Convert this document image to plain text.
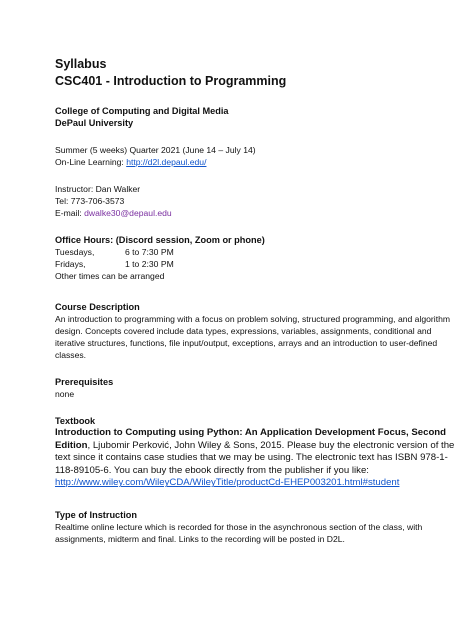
Syllabus

CSC401 - Introduction to Programming

College of Computing and Digital Media

DePaul University

Summer (5 weeks) Quarter 2021 (June 14 – July 14)

On-Line Learning: http://d2l.depaul.edu/

Instructor: Dan Walker

Tel: 773-706-3573

E-mail: dwalke30@depaul.edu

Office Hours: (Discord session, Zoom or phone)

Tuesdays,	6 to 7:30 PM
Fridays,	1 to 2:30 PM

Other times can be arranged

Course Description

An introduction to programming with a focus on problem solving, structured programming, and algorithm design. Concepts covered include data types, expressions, variables, assignments, conditional and iterative structures, functions, file input/output, exceptions, arrays and an introduction to user-defined classes.

Prerequisites

none

Textbook

Introduction to Computing using Python: An Application Development Focus, Second Edition, Ljubomir Perković, John Wiley & Sons, 2015. Please buy the electronic version of the text since it contains case studies that we may be using. The electronic text has ISBN 978-1-118-89105-6. You can buy the ebook directly from the publisher if you like:

http://www.wiley.com/WileyCDA/WileyTitle/productCd-EHEP003201.html#student

Type of Instruction

Realtime online lecture which is recorded for those in the asynchronous section of the class, with assignments, midterm and final. Links to the recording will be posted in D2L.
